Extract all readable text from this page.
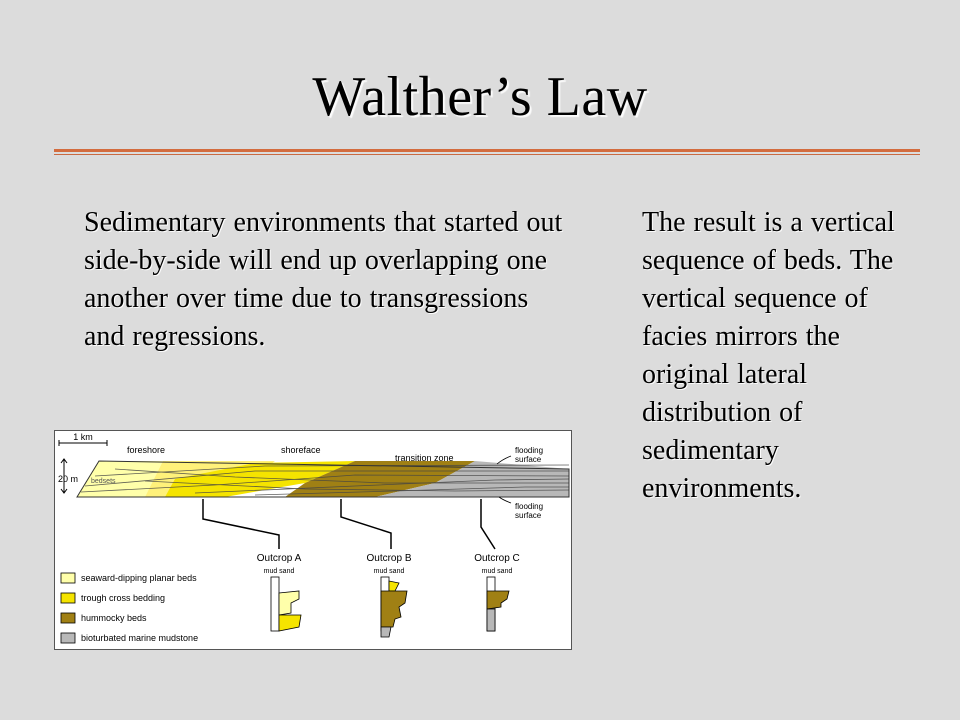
Walther’s Law
Sedimentary environments that started out side-by-side will end up overlapping one another over time due to transgressions and regressions.
The result is a vertical sequence of beds. The vertical sequence of facies mirrors the original lateral distribution of sedimentary environments.
1 km
20 m
foreshore	shoreface
transition zone
bedsets
flooding
surface
flooding
surface
Outcrop A
mud sand
Outcrop B
mud sand
Outcrop C
mud sand
seaward-dipping planar beds
trough cross bedding
hummocky beds
bioturbated marine mudstone
